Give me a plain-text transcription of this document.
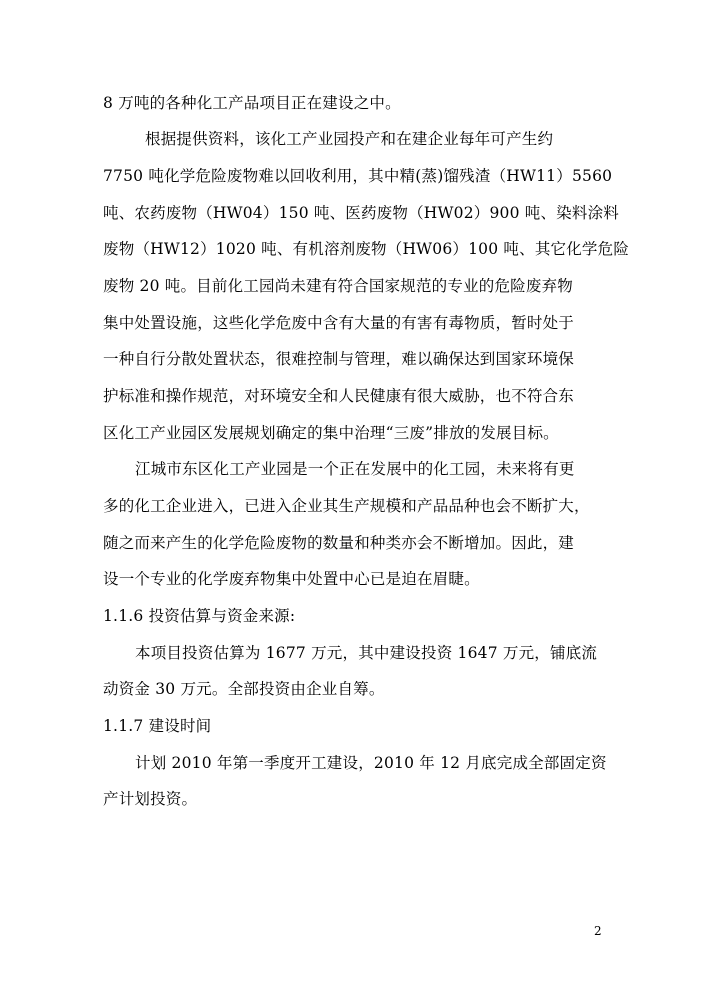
8 万吨的各种化工产品项目正在建设之中。
根据提供资料，该化工产业园投产和在建企业每年可产生约
7750 吨化学危险废物难以回收利用，其中精(蒸)馏残渣（HW11）5560
吨、农药废物（HW04）150 吨、医药废物（HW02）900 吨、染料涂料
废物（HW12）1020 吨、有机溶剂废物（HW06）100 吨、其它化学危险
废物 20 吨。目前化工园尚未建有符合国家规范的专业的危险废弃物
集中处置设施，这些化学危废中含有大量的有害有毒物质，暂时处于
一种自行分散处置状态，很难控制与管理，难以确保达到国家环境保
护标准和操作规范，对环境安全和人民健康有很大威胁，也不符合东
区化工产业园区发展规划确定的集中治理“三废”排放的发展目标。
江城市东区化工产业园是一个正在发展中的化工园，未来将有更
多的化工企业进入，已进入企业其生产规模和产品品种也会不断扩大，
随之而来产生的化学危险废物的数量和种类亦会不断增加。因此，建
设一个专业的化学废弃物集中处置中心已是迫在眉睫。
1.1.6 投资估算与资金来源:
本项目投资估算为 1677 万元，其中建设投资 1647 万元，铺底流
动资金 30 万元。全部投资由企业自筹。
1.1.7 建设时间
计划 2010 年第一季度开工建设，2010 年 12 月底完成全部固定资
产计划投资。
2
